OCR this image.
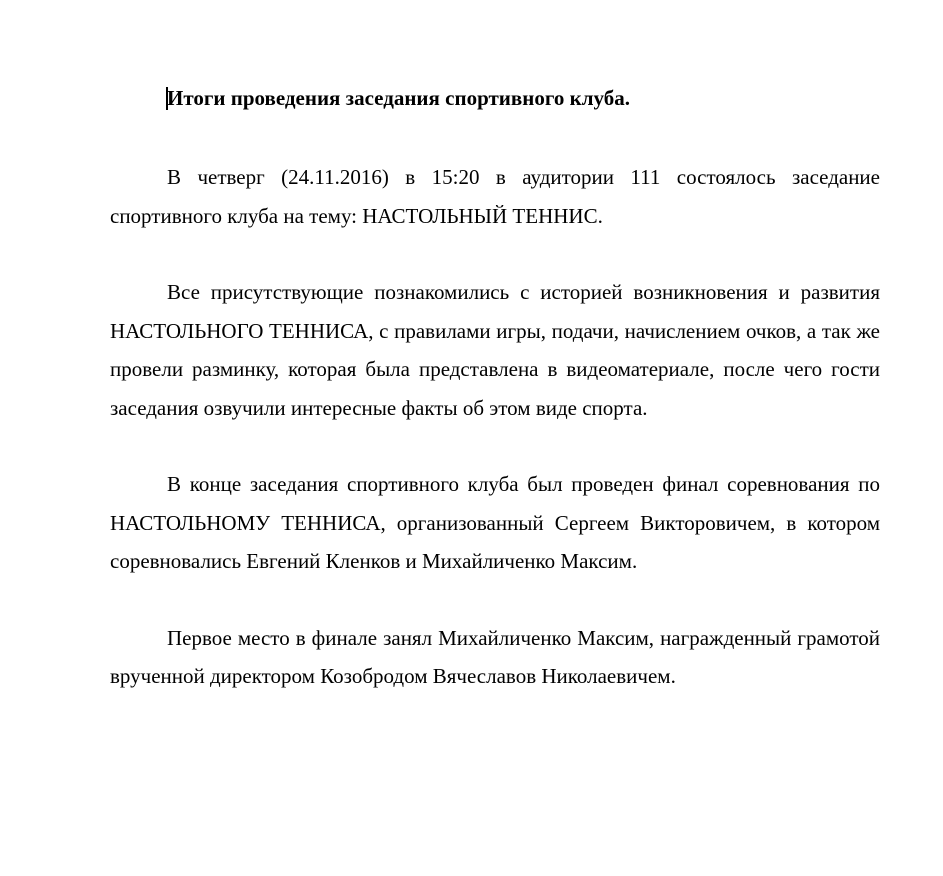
Итоги проведения заседания спортивного клуба.

В четверг (24.11.2016) в 15:20 в аудитории 111 состоялось заседание спортивного клуба на тему: НАСТОЛЬНЫЙ ТЕННИС.

Все присутствующие познакомились с историей возникновения и развития НАСТОЛЬНОГО ТЕННИСА, с правилами игры, подачи, начислением очков, а так же провели разминку, которая была представлена в видеоматериале, после чего гости заседания озвучили интересные факты об этом виде спорта.

В конце заседания спортивного клуба был проведен финал соревнования по НАСТОЛЬНОМУ ТЕННИСА, организованный Сергеем Викторовичем, в котором соревновались Евгений Кленков и Михайличенко Максим.

Первое место в финале занял Михайличенко Максим, награжденный грамотой врученной директором Козобродом Вячеславов Николаевичем.
